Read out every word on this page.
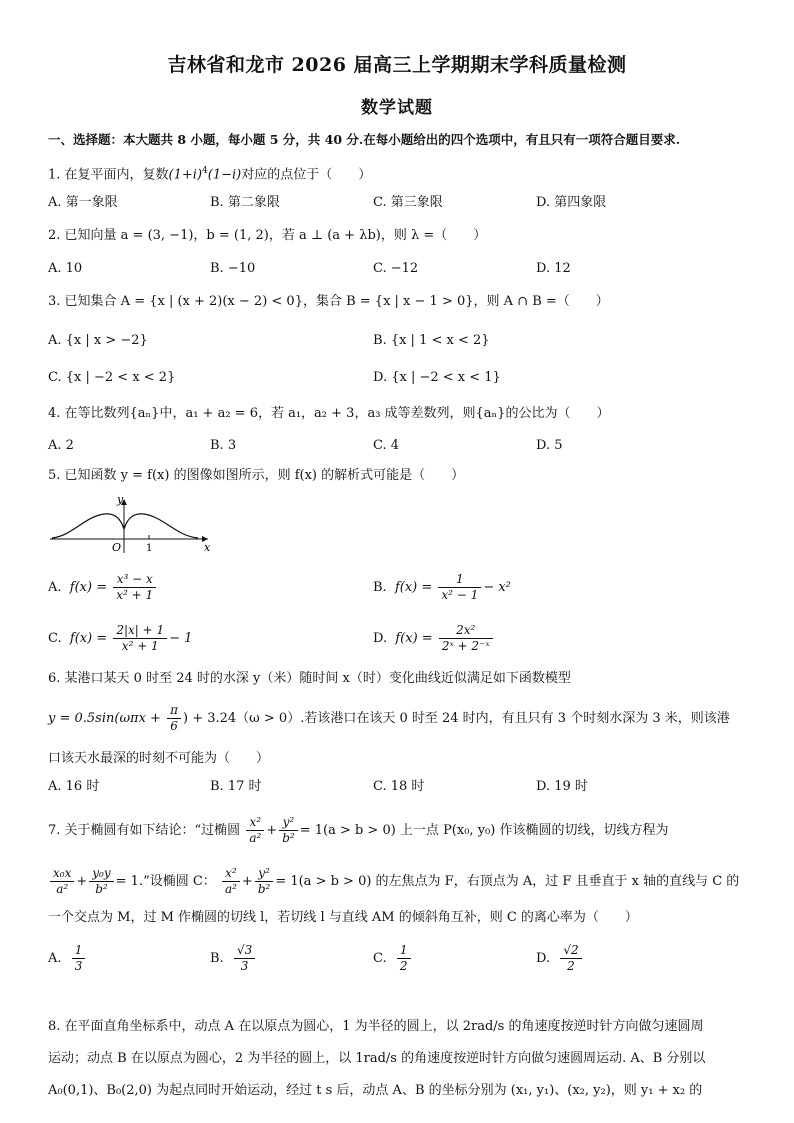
吉林省和龙市 2026 届高三上学期期末学科质量检测
数学试题
一、选择题：本大题共 8 小题，每小题 5 分，共 40 分.在每小题给出的四个选项中，有且只有一项符合题目要求.
1. 在复平面内，复数$(1+i)^4(1-i)$对应的点位于（　　）
A. 第一象限	B. 第二象限	C. 第三象限	D. 第四象限
2. 已知向量 a = (3, −1)，b = (1, 2)，若 a ⊥ (a + λb)，则 λ =（　　）
A. 10	B. −10	C. −12	D. 12
3. 已知集合 A = {x | (x + 2)(x − 2) < 0}，集合 B = {x | x − 1 > 0}，则 A ∩ B =（　　）
A. {x | x > −2}	B. {x | 1 < x < 2}
C. {x | −2 < x < 2}	D. {x | −2 < x < 1}
4. 在等比数列{aₙ}中，a₁ + a₂ = 6，若 a₁，a₂ + 3，a₃ 成等差数列，则{aₙ}的公比为（　　）
A. 2	B. 3	C. 4	D. 5
5. 已知函数 y = f(x) 的图像如图所示，则 f(x) 的解析式可能是（　　）
y
x
O 1
A. $f(x) = \frac{\text{x³ − x}}{\text{x² + 1}}$	B. $f(x) = \frac{1}{\text{x² − 1}} - x^2$
C. $f(x) = \frac{2|x| + 1}{\text{x² + 1}} - 1$	D. $f(x) = \frac{\text{2x²}}{\text{2ˣ + 2⁻ˣ}}$
6. 某港口某天 0 时至 24 时的水深 y（米）随时间 x（时）变化曲线近似满足如下函数模型
$y = 0.5\sin(\omega\pi x + \frac{\pi}{6}$ ) + 3.24（ω > 0）.若该港口在该天 0 时至 24 时内，有且只有 3 个时刻水深为 3 米，则该港
口该天水最深的时刻不可能为（　　）
A. 16 时	B. 17 时	C. 18 时	D. 19 时
7. 关于椭圆有如下结论：“过椭圆 $\frac{\text{x²}}{\text{a²}} + \frac{\text{y²}}{\text{b²}} = 1(a > b > 0)$ 上一点 P(x₀, y₀) 作该椭圆的切线，切线方程为
$\frac{\text{x₀x}}{\text{a²}} + \frac{\text{y₀y}}{\text{b²}} = 1$.”设椭圆 C： $\frac{\text{x²}}{\text{a²}} + \frac{\text{y²}}{\text{b²}} = 1(a > b > 0)$ 的左焦点为 F，右顶点为 A，过 F 且垂直于 x 轴的直线与 C 的
一个交点为 M，过 M 作椭圆的切线 l，若切线 l 与直线 AM 的倾斜角互补，则 C 的离心率为（　　）
A. $\frac{1}{3}$	B. $\frac{√3}{3}$	C. $\frac{1}{2}$	D. $\frac{√2}{2}$
8. 在平面直角坐标系中，动点 A 在以原点为圆心，1 为半径的圆上，以 2rad/s 的角速度按逆时针方向做匀速圆周
运动；动点 B 在以原点为圆心，2 为半径的圆上，以 1rad/s 的角速度按逆时针方向做匀速圆周运动. A、B 分别以
A₀(0,1)、B₀(2,0) 为起点同时开始运动，经过 t s 后，动点 A、B 的坐标分别为 (x₁, y₁)、(x₂, y₂)，则 y₁ + x₂ 的
